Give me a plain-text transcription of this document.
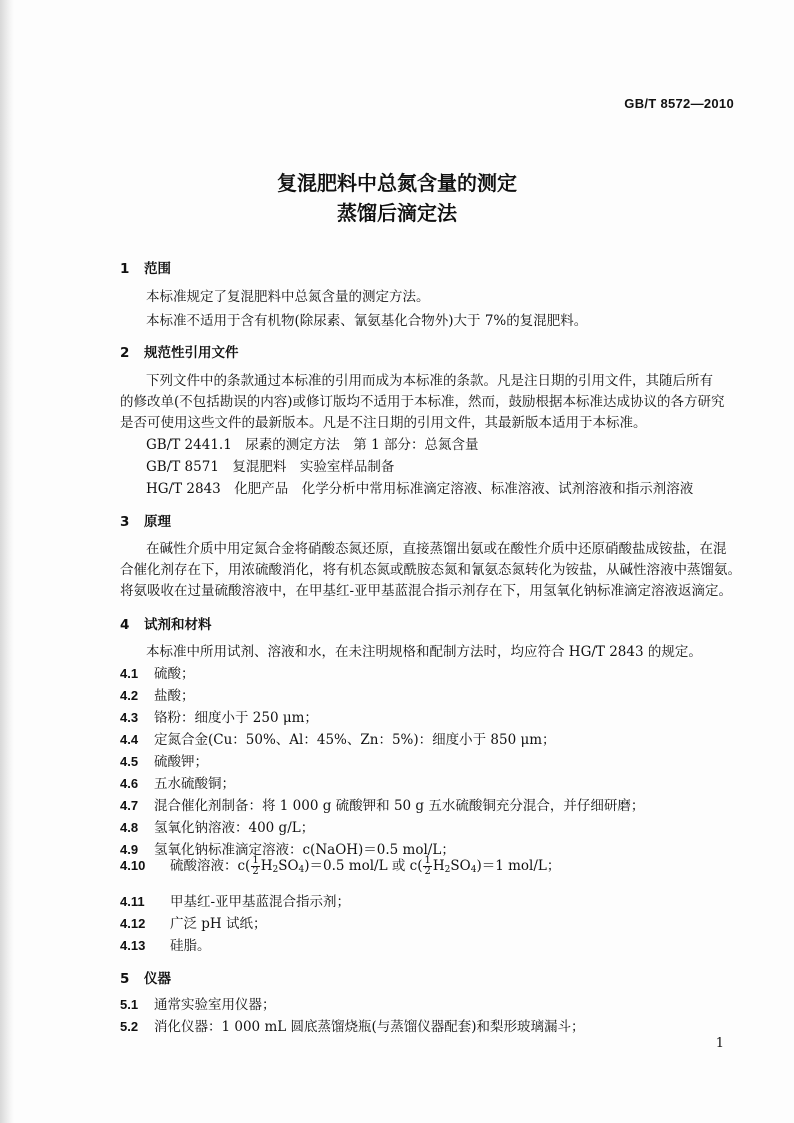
GB/T 8572—2010
复混肥料中总氮含量的测定
蒸馏后滴定法
1 范围
本标准规定了复混肥料中总氮含量的测定方法。
本标准不适用于含有机物(除尿素、氰氨基化合物外)大于 7%的复混肥料。
2 规范性引用文件
下列文件中的条款通过本标准的引用而成为本标准的条款。凡是注日期的引用文件，其随后所有
的修改单(不包括勘误的内容)或修订版均不适用于本标准，然而，鼓励根据本标准达成协议的各方研究
是否可使用这些文件的最新版本。凡是不注日期的引用文件，其最新版本适用于本标准。
GB/T 2441.1　尿素的测定方法　第 1 部分：总氮含量
GB/T 8571　复混肥料　实验室样品制备
HG/T 2843　化肥产品　化学分析中常用标准滴定溶液、标准溶液、试剂溶液和指示剂溶液
3 原理
在碱性介质中用定氮合金将硝酸态氮还原，直接蒸馏出氨或在酸性介质中还原硝酸盐成铵盐，在混
合催化剂存在下，用浓硫酸消化，将有机态氮或酰胺态氮和氰氨态氮转化为铵盐，从碱性溶液中蒸馏氨。
将氨吸收在过量硫酸溶液中，在甲基红-亚甲基蓝混合指示剂存在下，用氢氧化钠标准滴定溶液返滴定。
4 试剂和材料
本标准中所用试剂、溶液和水，在未注明规格和配制方法时，均应符合 HG/T 2843 的规定。
4.1 硫酸；
4.2 盐酸；
4.3 铬粉：细度小于 250 μm；
4.4 定氮合金(Cu：50%、Al：45%、Zn：5%)：细度小于 850 μm；
4.5 硫酸钾；
4.6 五水硫酸铜；
4.7 混合催化剂制备：将 1 000 g 硫酸钾和 50 g 五水硫酸铜充分混合，并仔细研磨；
4.8 氢氧化钠溶液：400 g/L；
4.9 氢氧化钠标准滴定溶液：c(NaOH)＝0.5 mol/L；
4.10 硫酸溶液：$c( \frac{1}{2} H_2SO_4)=0.5$ mol/L 或 $c( \frac{1}{2} H_2SO_4)=1$ mol/L；
4.11 甲基红-亚甲基蓝混合指示剂；
4.12 广泛 pH 试纸；
4.13 硅脂。
5 仪器
5.1 通常实验室用仪器；
5.2 消化仪器：1 000 mL 圆底蒸馏烧瓶(与蒸馏仪器配套)和梨形玻璃漏斗；
1
